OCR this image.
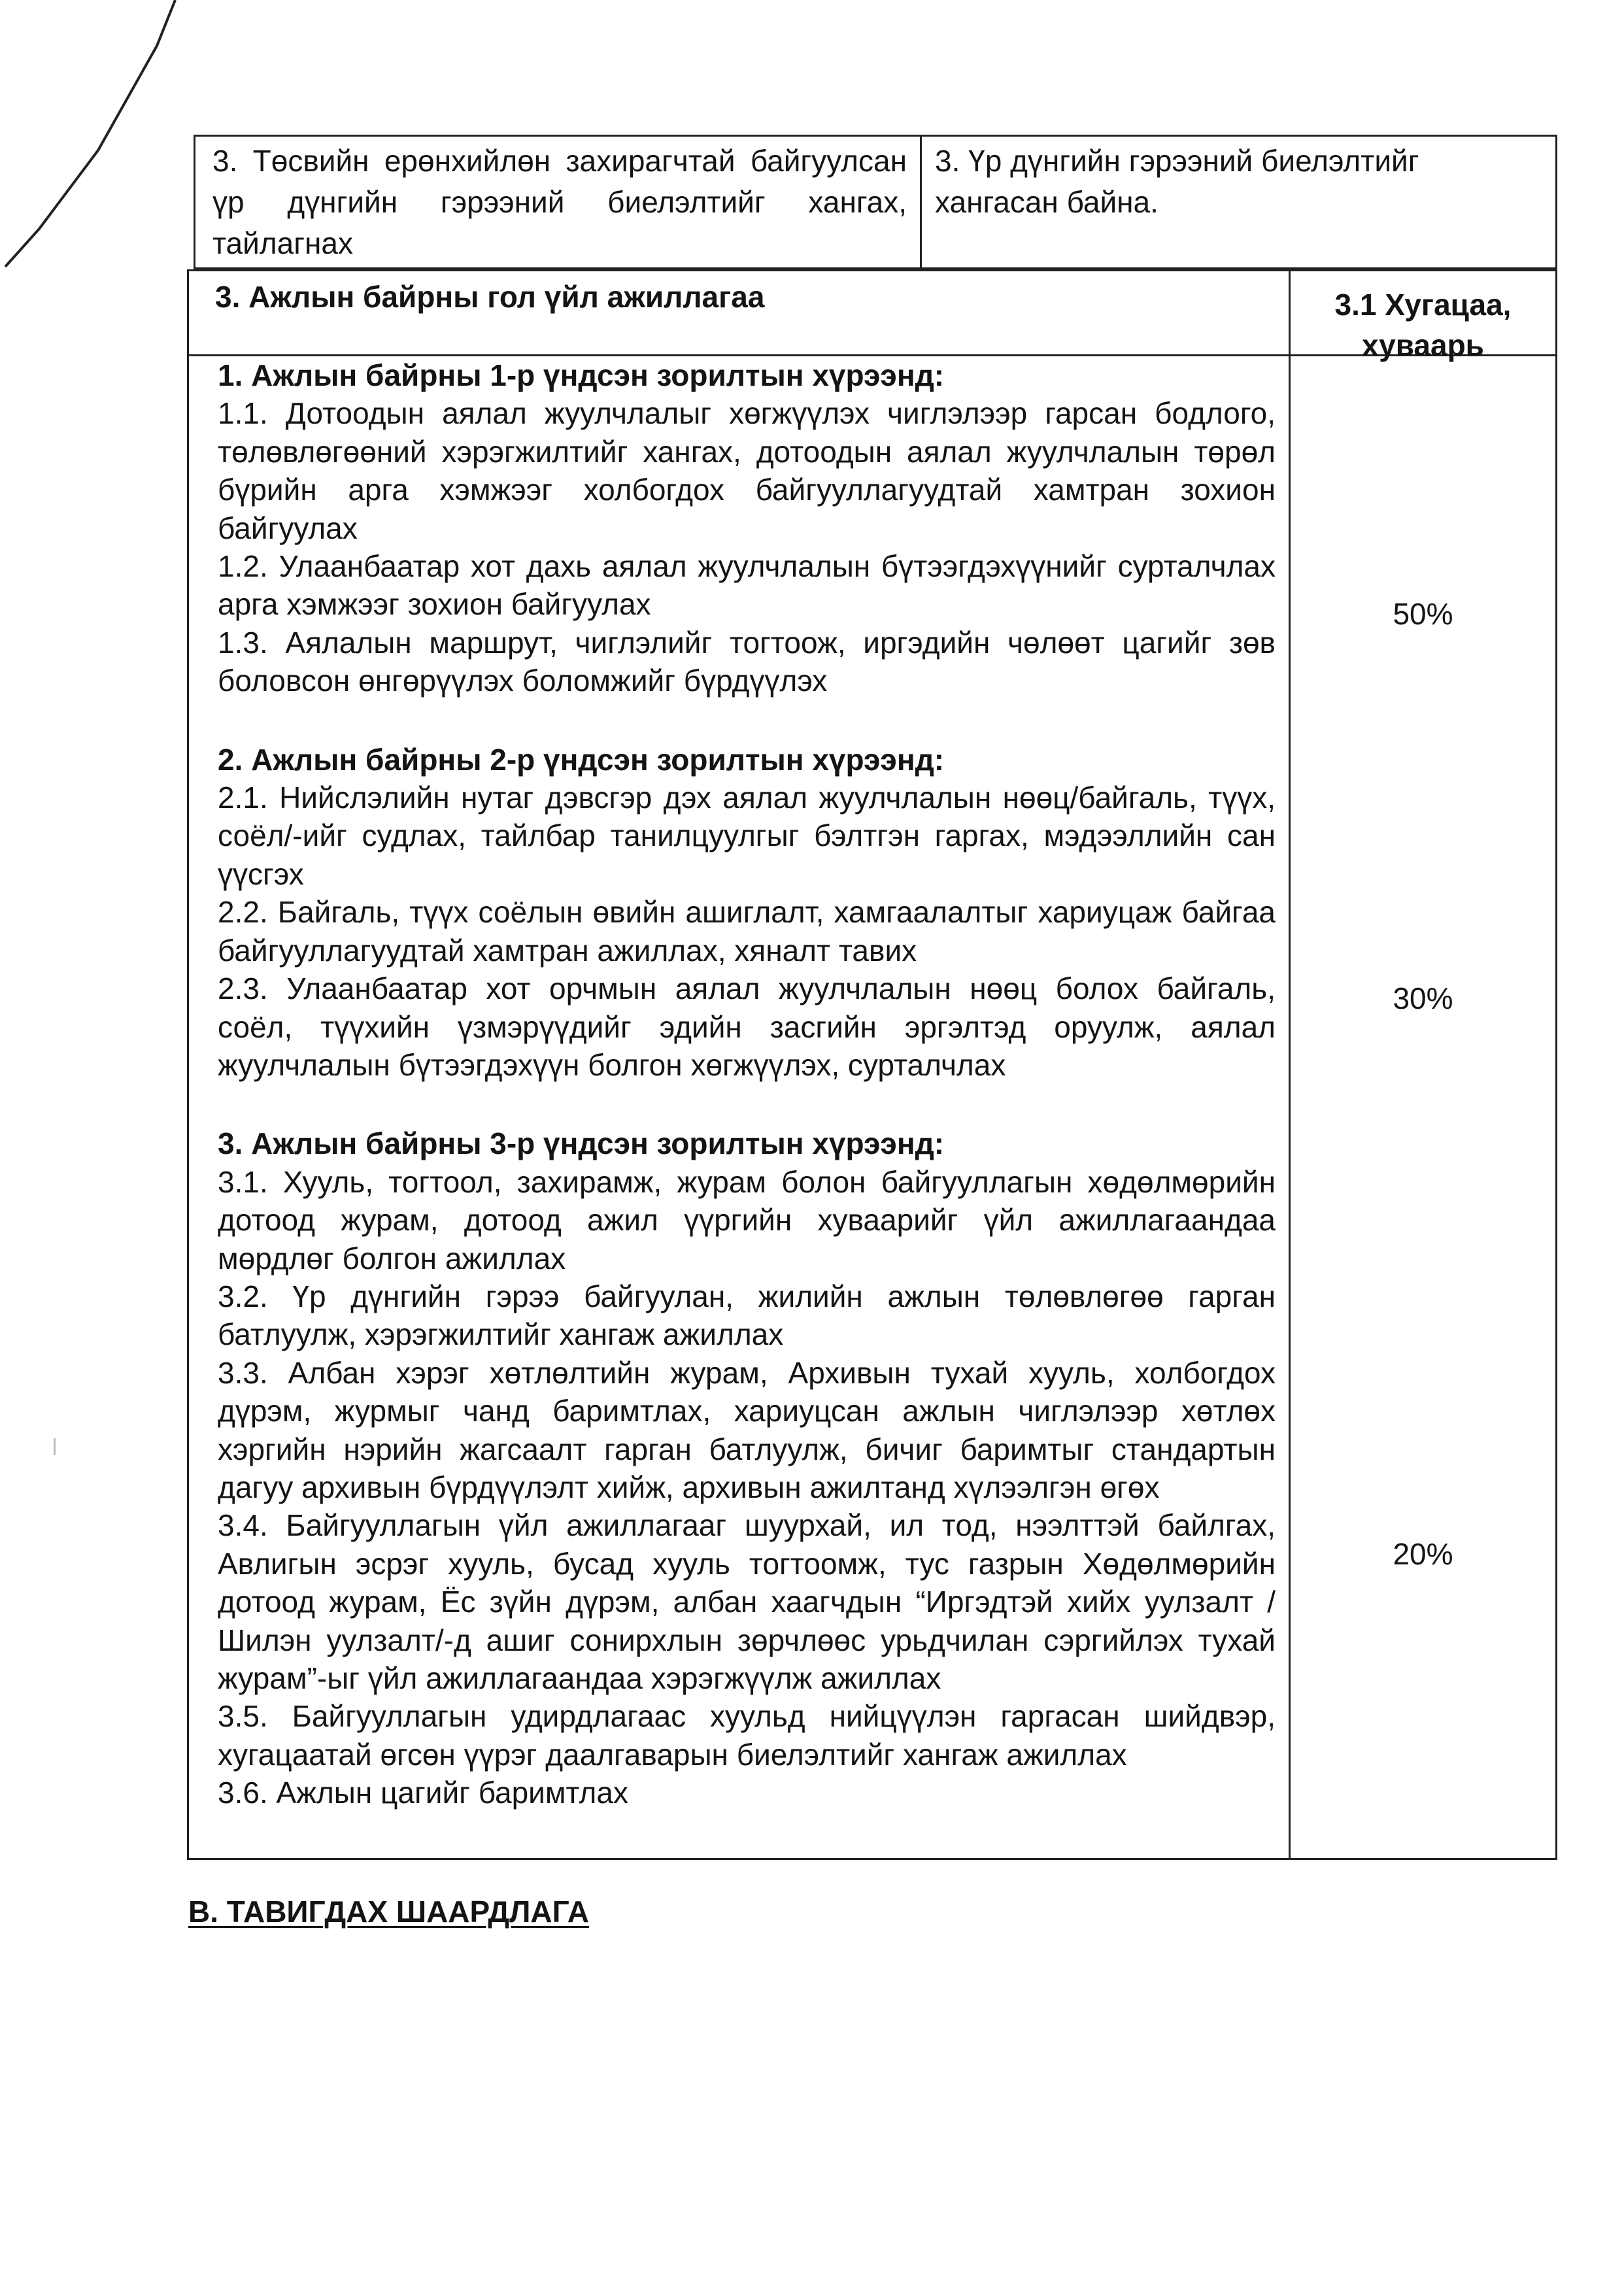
3. Төсвийн ерөнхийлөн захирагчтай байгуулсан үр дүнгийн гэрээний биелэлтийг хангах, тайлагнах
3. Үр дүнгийн гэрээний биелэлтийг хангасан байна.
3. Ажлын байрны гол үйл ажиллагаа	3.1 Хугацаа, хуваарь
1. Ажлын байрны 1-р үндсэн зорилтын хүрээнд:
1.1. Дотоодын аялал жуулчлалыг хөгжүүлэх чиглэлээр гарсан бодлого, төлөвлөгөөний хэрэгжилтийг хангах, дотоодын аялал жуулчлалын төрөл бүрийн арга хэмжээг холбогдох байгууллагуудтай хамтран зохион байгуулах
1.2. Улаанбаатар хот дахь аялал жуулчлалын бүтээгдэхүүнийг сурталчлах арга хэмжээг зохион байгуулах
1.3. Аялалын маршрут, чиглэлийг тогтоож, иргэдийн чөлөөт цагийг зөв боловсон өнгөрүүлэх боломжийг бүрдүүлэх
2. Ажлын байрны 2-р үндсэн зорилтын хүрээнд:
2.1. Нийслэлийн нутаг дэвсгэр дэх аялал жуулчлалын нөөц/байгаль, түүх, соёл/-ийг судлах, тайлбар танилцуулгыг бэлтгэн гаргах, мэдээллийн сан үүсгэх
2.2. Байгаль, түүх соёлын өвийн ашиглалт, хамгаалалтыг хариуцаж байгаа байгууллагуудтай хамтран ажиллах, хяналт тавих
2.3. Улаанбаатар хот орчмын аялал жуулчлалын нөөц болох байгаль, соёл, түүхийн үзмэрүүдийг эдийн засгийн эргэлтэд оруулж, аялал жуулчлалын бүтээгдэхүүн болгон хөгжүүлэх, сурталчлах
3. Ажлын байрны 3-р үндсэн зорилтын хүрээнд:
3.1. Хууль, тогтоол, захирамж, журам болон байгууллагын хөдөлмөрийн дотоод журам, дотоод ажил үүргийн хуваарийг үйл ажиллагаандаа мөрдлөг болгон ажиллах
3.2. Үр дүнгийн гэрээ байгуулан, жилийн ажлын төлөвлөгөө гарган батлуулж, хэрэгжилтийг хангаж ажиллах
3.3. Албан хэрэг хөтлөлтийн журам, Архивын тухай хууль, холбогдох дүрэм, журмыг чанд баримтлах, хариуцсан ажлын чиглэлээр хөтлөх хэргийн нэрийн жагсаалт гарган батлуулж, бичиг баримтыг стандартын дагуу архивын бүрдүүлэлт хийж, архивын ажилтанд хүлээлгэн өгөх
3.4. Байгууллагын үйл ажиллагааг шуурхай, ил тод, нээлттэй байлгах, Авлигын эсрэг хууль, бусад хууль тогтоомж, тус газрын Хөдөлмөрийн дотоод журам, Ёс зүйн дүрэм, албан хаагчдын “Иргэдтэй хийх уулзалт /Шилэн уулзалт/-д ашиг сонирхлын зөрчлөөс урьдчилан сэргийлэх тухай журам”-ыг үйл ажиллагаандаа хэрэгжүүлж ажиллах
3.5. Байгууллагын удирдлагаас хуульд нийцүүлэн гаргасан шийдвэр, хугацаатай өгсөн үүрэг даалгаварын биелэлтийг хангаж ажиллах
3.6. Ажлын цагийг баримтлах
50%
30%
20%
В. ТАВИГДАХ ШААРДЛАГА
